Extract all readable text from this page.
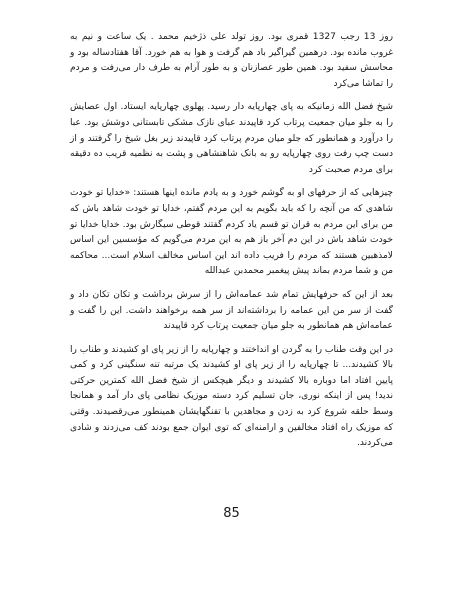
روز 13 رجب 1327 قمری بود. روز تولد علی ذژخیم محمد . یک ساعت و نیم به غروب مانده بود. درهمین گیراگیر باد هم گرفت و هوا به هم خورد. آقا هفتادساله بود و محاسش سفید بود. همین طور عصازنان و به طور آرام به طرف دار می‌رفت و مردم را تماشا می‌کرد

شیخ فضل الله زمانیکه به پای چهارپایه دار رسید. پهلوی چهارپایه ایستاد. اول عصایش را به جلو میان جمعیت پرتاب کرد قاپیدند عبای نازک مشکی تابستانی دوشش بود. عبا را درآورد و همانطور که جلو میان مردم پرتاب کرد قاپیدند زیر بغل شیخ را گرفتند و از دست چپ رفت روی چهارپایه رو به بانک شاهنشاهی و پشت به نظمیه قریب ده دقیقه برای مردم صحبت کرد

چیزهایی که از حرفهای او به گوشم خورد و به یادم مانده اینها هستند: «خدایا تو خودت شاهدی که من آنچه را که باید بگویم به این مردم گفتم، خدایا تو خودت شاهد باش که من برای این مردم به قران تو قسم یاد کردم گفتند قوطی سیگارش بود. خدایا خدایا تو خودت شاهد باش در این دم آخر باز هم به این مردم می‌گویم که مؤسسین این اساس لامذهبین هستند که مردم را فریب داده اند این اساس مخالف اسلام است... محاکمه من و شما مردم بماند پیش پیغمبر محمدبن عبدالله

بعد از این که حرفهایش تمام شد عمامه‌اش را از سرش برداشت و تکان تکان داد و گفت از سر من این عمامه را برداشته‌اند از سر همه برخواهند داشت. این را گفت و عمامه‌اش هم همانطور به جلو میان جمعیت پرتاب کرد قاپیدند

در این وقت طناب را به گردن او انداختند و چهارپایه را از زیر پای او کشیدند و طناب را بالا کشیدند... تا چهارپایه را از زیر پای او کشیدند یک مرتبه تنه سنگینی کرد و کمی پایین افتاد اما دوباره بالا کشیدند و دیگر هیچکس از شیخ فضل الله کمترین حرکتی ندید! پس از اینکه نوری، جان تسلیم کرد دسته موزیک نظامی پای دار آمد و همانجا وسط حلقه شروع کرد به زدن و مجاهدین با تفنگهایشان همینطور می‌رقصیدند. وقتی که موزیک راه افتاد مخالفین و ارامنه‌ای که توی ایوان جمع بودند کف می‌زدند و شادی می‌کردند.

85
